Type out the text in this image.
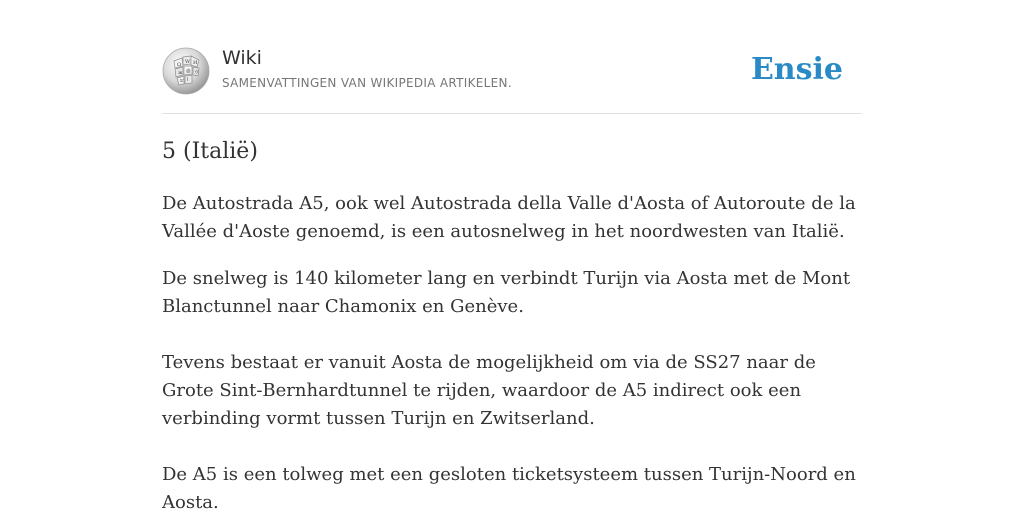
Ω W И
ж 維 ウ
ש ا
Wiki
SAMENVATTINGEN VAN WIKIPEDIA ARTIKELEN.	Ensie
5 (Italië)

De Autostrada A5, ook wel Autostrada della Valle d'Aosta of Autoroute de la Vallée d'Aoste genoemd, is een autosnelweg in het noordwesten van Italië.

De snelweg is 140 kilometer lang en verbindt Turijn via Aosta met de Mont Blanctunnel naar Chamonix en Genève.

Tevens bestaat er vanuit Aosta de mogelijkheid om via de SS27 naar de Grote Sint-Bernhardtunnel te rijden, waardoor de A5 indirect ook een verbinding vormt tussen Turijn en Zwitserland.

De A5 is een tolweg met een gesloten ticketsysteem tussen Turijn-Noord en Aosta.
